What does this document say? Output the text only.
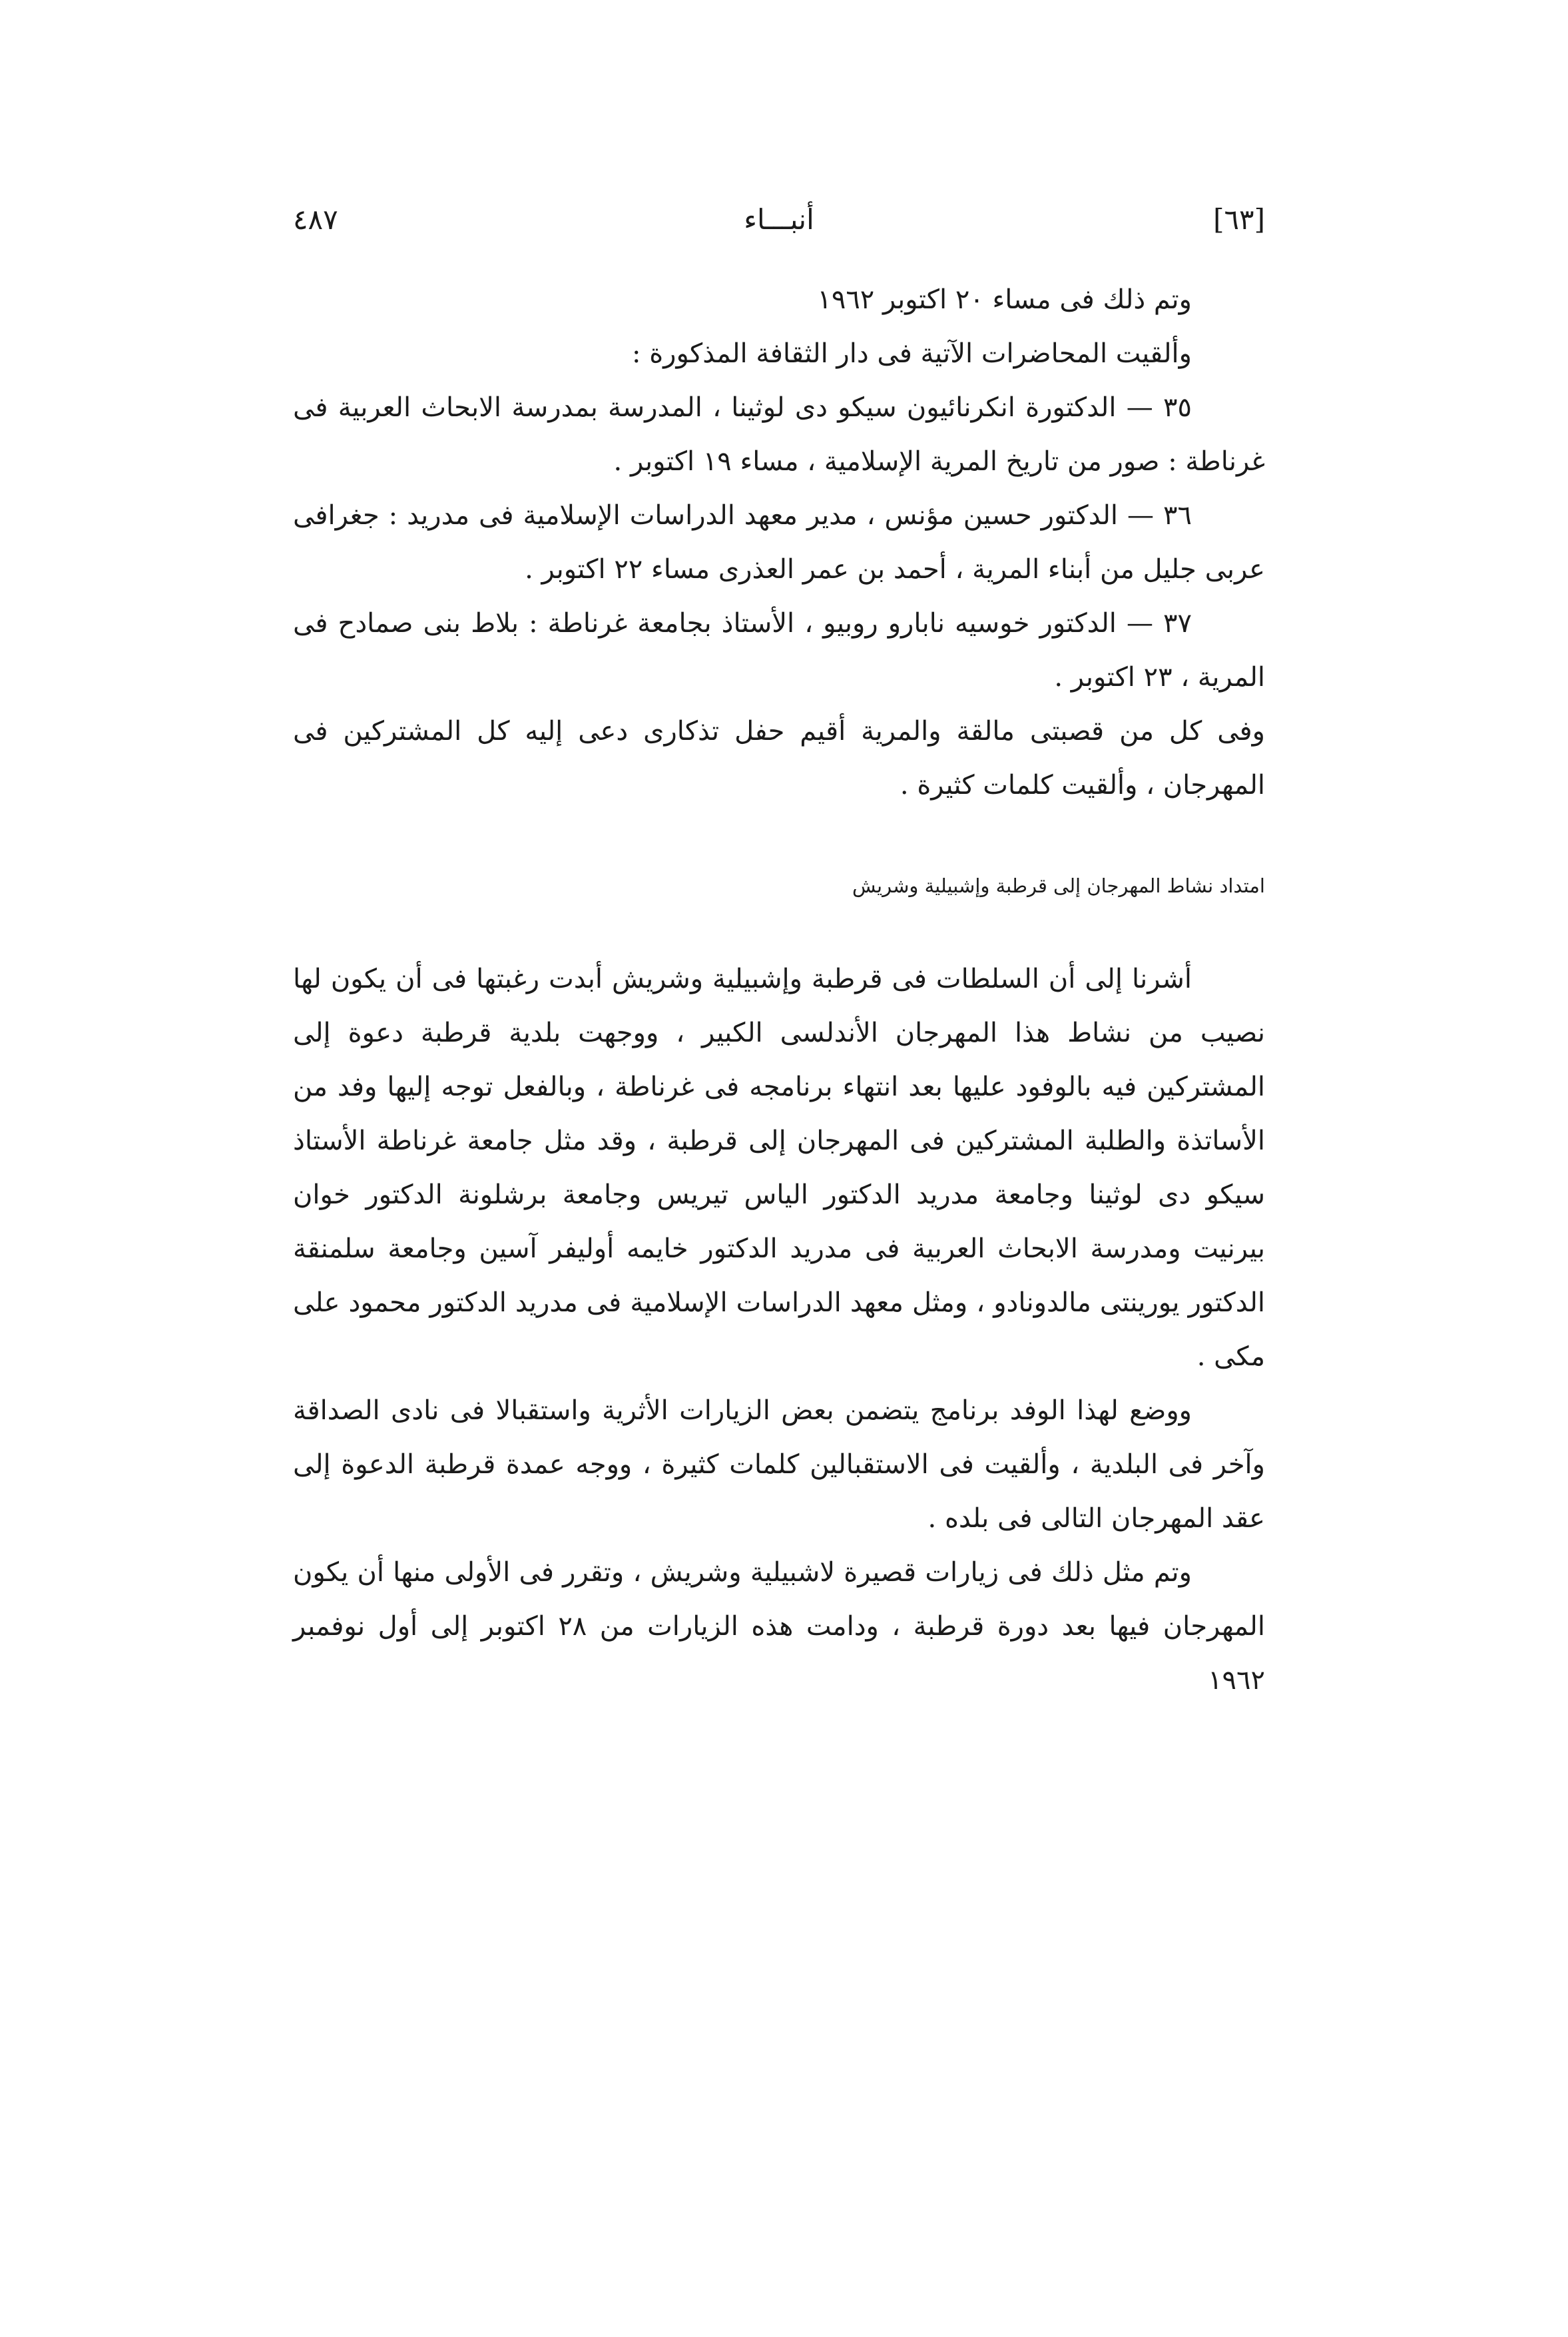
[٦٣]
أنبـــاء
٤٨٧

وتم ذلك فى مساء ٢٠ اكتوبر ١٩٦٢

وألقيت المحاضرات الآتية فى دار الثقافة المذكورة :

٣٥ — الدكتورة انكرنائيون سيكو دى لوثينا ، المدرسة بمدرسة الابحاث العربية فى غرناطة : صور من تاريخ المرية الإسلامية ، مساء ١٩ اكتوبر .

٣٦ — الدكتور حسين مؤنس ، مدير معهد الدراسات الإسلامية فى مدريد : جغرافى عربى جليل من أبناء المرية ، أحمد بن عمر العذرى مساء ٢٢ اكتوبر .

٣٧ — الدكتور خوسيه نابارو روبيو ، الأستاذ بجامعة غرناطة : بلاط بنى صمادح فى المرية ، ٢٣ اكتوبر .

وفى كل من قصبتى مالقة والمرية أقيم حفل تذكارى دعى إليه كل المشتركين فى المهرجان ، وألقيت كلمات كثيرة .

امتداد نشاط المهرجان إلى قرطبة وإشبيلية وشريش

أشرنا إلى أن السلطات فى قرطبة وإشبيلية وشريش أبدت رغبتها فى أن يكون لها نصيب من نشاط هذا المهرجان الأندلسى الكبير ، ووجهت بلدية قرطبة دعوة إلى المشتركين فيه بالوفود عليها بعد انتهاء برنامجه فى غرناطة ، وبالفعل توجه إليها وفد من الأساتذة والطلبة المشتركين فى المهرجان إلى قرطبة ، وقد مثل جامعة غرناطة الأستاذ سيكو دى لوثينا وجامعة مدريد الدكتور الياس تيريس وجامعة برشلونة الدكتور خوان بيرنيت ومدرسة الابحاث العربية فى مدريد الدكتور خايمه أوليفر آسين وجامعة سلمنقة الدكتور يورينتى مالدونادو ، ومثل معهد الدراسات الإسلامية فى مدريد الدكتور محمود على مكى .

ووضع لهذا الوفد برنامج يتضمن بعض الزيارات الأثرية واستقبالا فى نادى الصداقة وآخر فى البلدية ، وألقيت فى الاستقبالين كلمات كثيرة ، ووجه عمدة قرطبة الدعوة إلى عقد المهرجان التالى فى بلده .

وتم مثل ذلك فى زيارات قصيرة لاشبيلية وشريش ، وتقرر فى الأولى منها أن يكون المهرجان فيها بعد دورة قرطبة ، ودامت هذه الزيارات من ٢٨ اكتوبر إلى أول نوفمبر ١٩٦٢
